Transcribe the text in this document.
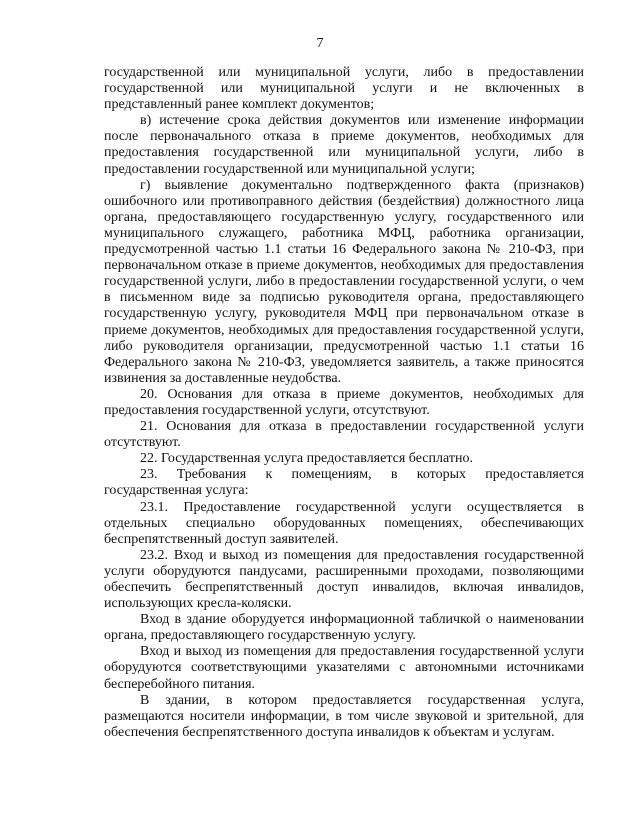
7

государственной или муниципальной услуги, либо в предоставлении государственной или муниципальной услуги и не включенных в представленный ранее комплект документов;

в) истечение срока действия документов или изменение информации после первоначального отказа в приеме документов, необходимых для предоставления государственной или муниципальной услуги, либо в предоставлении государственной или муниципальной услуги;

г) выявление документально подтвержденного факта (признаков) ошибочного или противоправного действия (бездействия) должностного лица органа, предоставляющего государственную услугу, государственного или муниципального служащего, работника МФЦ, работника организации, предусмотренной частью 1.1 статьи 16 Федерального закона № 210-ФЗ, при первоначальном отказе в приеме документов, необходимых для предоставления государственной услуги, либо в предоставлении государственной услуги, о чем в письменном виде за подписью руководителя органа, предоставляющего государственную услугу, руководителя МФЦ при первоначальном отказе в приеме документов, необходимых для предоставления государственной услуги, либо руководителя организации, предусмотренной частью 1.1 статьи 16 Федерального закона № 210-ФЗ, уведомляется заявитель, а также приносятся извинения за доставленные неудобства.

20. Основания для отказа в приеме документов, необходимых для предоставления государственной услуги, отсутствуют.

21. Основания для отказа в предоставлении государственной услуги отсутствуют.

22. Государственная услуга предоставляется бесплатно.

23. Требования к помещениям, в которых предоставляется государственная услуга:

23.1. Предоставление государственной услуги осуществляется в отдельных специально оборудованных помещениях, обеспечивающих беспрепятственный доступ заявителей.

23.2. Вход и выход из помещения для предоставления государственной услуги оборудуются пандусами, расширенными проходами, позволяющими обеспечить беспрепятственный доступ инвалидов, включая инвалидов, использующих кресла-коляски.

Вход в здание оборудуется информационной табличкой о наименовании органа, предоставляющего государственную услугу.

Вход и выход из помещения для предоставления государственной услуги оборудуются соответствующими указателями с автономными источниками бесперебойного питания.

В здании, в котором предоставляется государственная услуга, размещаются носители информации, в том числе звуковой и зрительной, для обеспечения беспрепятственного доступа инвалидов к объектам и услугам.
